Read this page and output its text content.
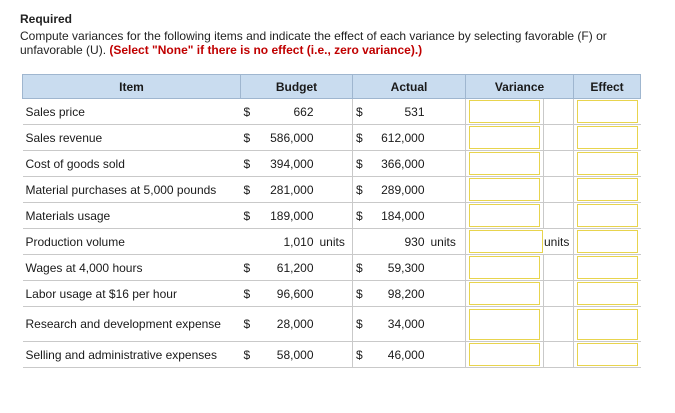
Required
Compute variances for the following items and indicate the effect of each variance by selecting favorable (F) or unfavorable (U). (Select "None" if there is no effect (i.e., zero variance).)
Item	Budget			Actual			Variance		Effect
Sales price	$	662		$	531		

Sales revenue	$	586,000		$	612,000		

Cost of goods sold	$	394,000		$	366,000		

Material purchases at 5,000 pounds	$	281,000		$	289,000		

Materials usage	$	189,000		$	184,000		

Production volume		1,010	units		930	units	units	

Wages at 4,000 hours	$	61,200		$	59,300		

Labor usage at $16 per hour	$	96,600		$	98,200		

Research and development expense	$	28,000		$	34,000		

Selling and administrative expenses	$	58,000		$	46,000		
